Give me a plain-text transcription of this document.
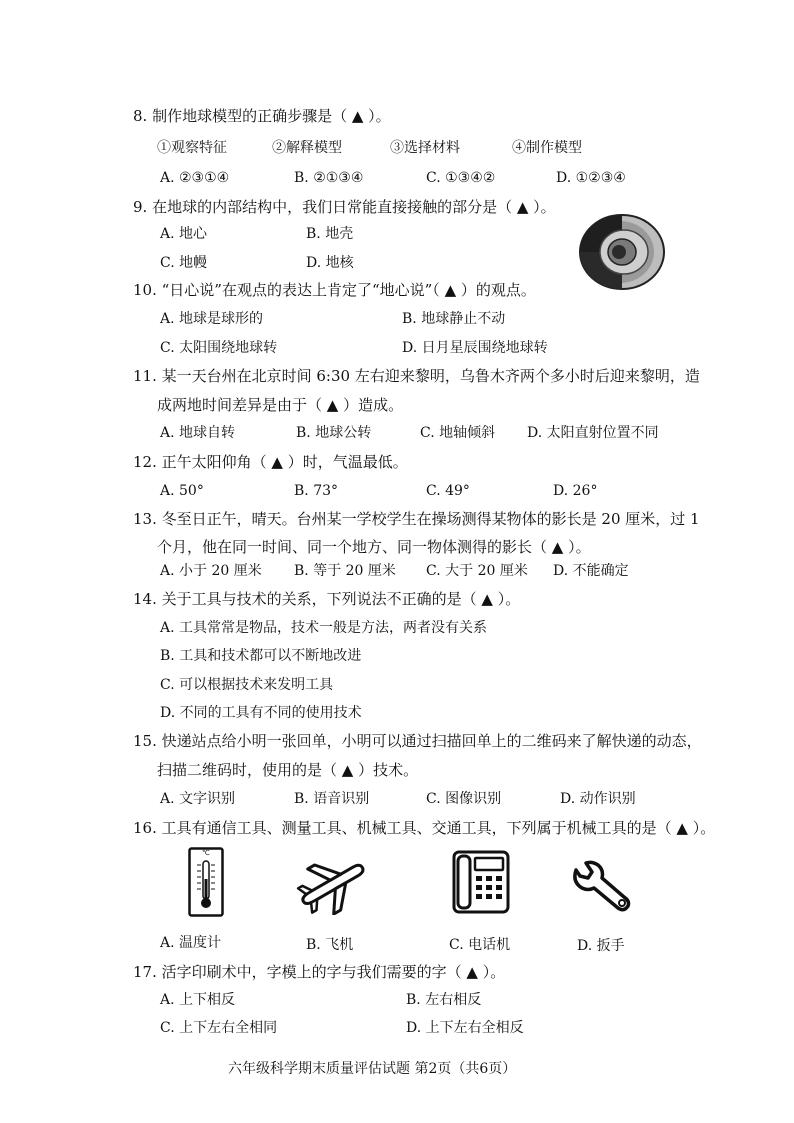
8. 制作地球模型的正确步骤是（ ▲ ）。
①观察特征	②解释模型	③选择材料	④制作模型
A. ②③①④	B. ②①③④	C. ①③④②	D. ①②③④
9. 在地球的内部结构中，我们日常能直接接触的部分是（ ▲ ）。
A. 地心	B. 地壳
C. 地幔	D. 地核
10. “日心说”在观点的表达上肯定了“地心说”（ ▲ ）的观点。
A. 地球是球形的	B. 地球静止不动
C. 太阳围绕地球转	D. 日月星辰围绕地球转
11. 某一天台州在北京时间 6:30 左右迎来黎明，乌鲁木齐两个多小时后迎来黎明，造
成两地时间差异是由于（ ▲ ）造成。
A. 地球自转	B. 地球公转	C. 地轴倾斜 D. 太阳直射位置不同
12. 正午太阳仰角（ ▲ ）时，气温最低。
A. 50°	B. 73°	C. 49°	D. 26°
13. 冬至日正午，晴天。台州某一学校学生在操场测得某物体的影长是 20 厘米，过 1
个月，他在同一时间、同一个地方、同一物体测得的影长（ ▲ ）。
A. 小于 20 厘米 B. 等于 20 厘米 C. 大于 20 厘米 D. 不能确定
14. 关于工具与技术的关系，下列说法不正确的是（ ▲ ）。
A. 工具常常是物品，技术一般是方法，两者没有关系
B. 工具和技术都可以不断地改进
C. 可以根据技术来发明工具
D. 不同的工具有不同的使用技术
15. 快递站点给小明一张回单，小明可以通过扫描回单上的二维码来了解快递的动态，
扫描二维码时，使用的是（ ▲ ）技术。
A. 文字识别	B. 语音识别	C. 图像识别	D. 动作识别
16. 工具有通信工具、测量工具、机械工具、交通工具，下列属于机械工具的是（ ▲ ）。
℃
A. 温度计	B. 飞机	C. 电话机	D. 扳手
17. 活字印刷术中，字模上的字与我们需要的字（ ▲ ）。
A. 上下相反	B. 左右相反
C. 上下左右全相同	D. 上下左右全相反
六年级科学期末质量评估试题 第2页（共6页）
